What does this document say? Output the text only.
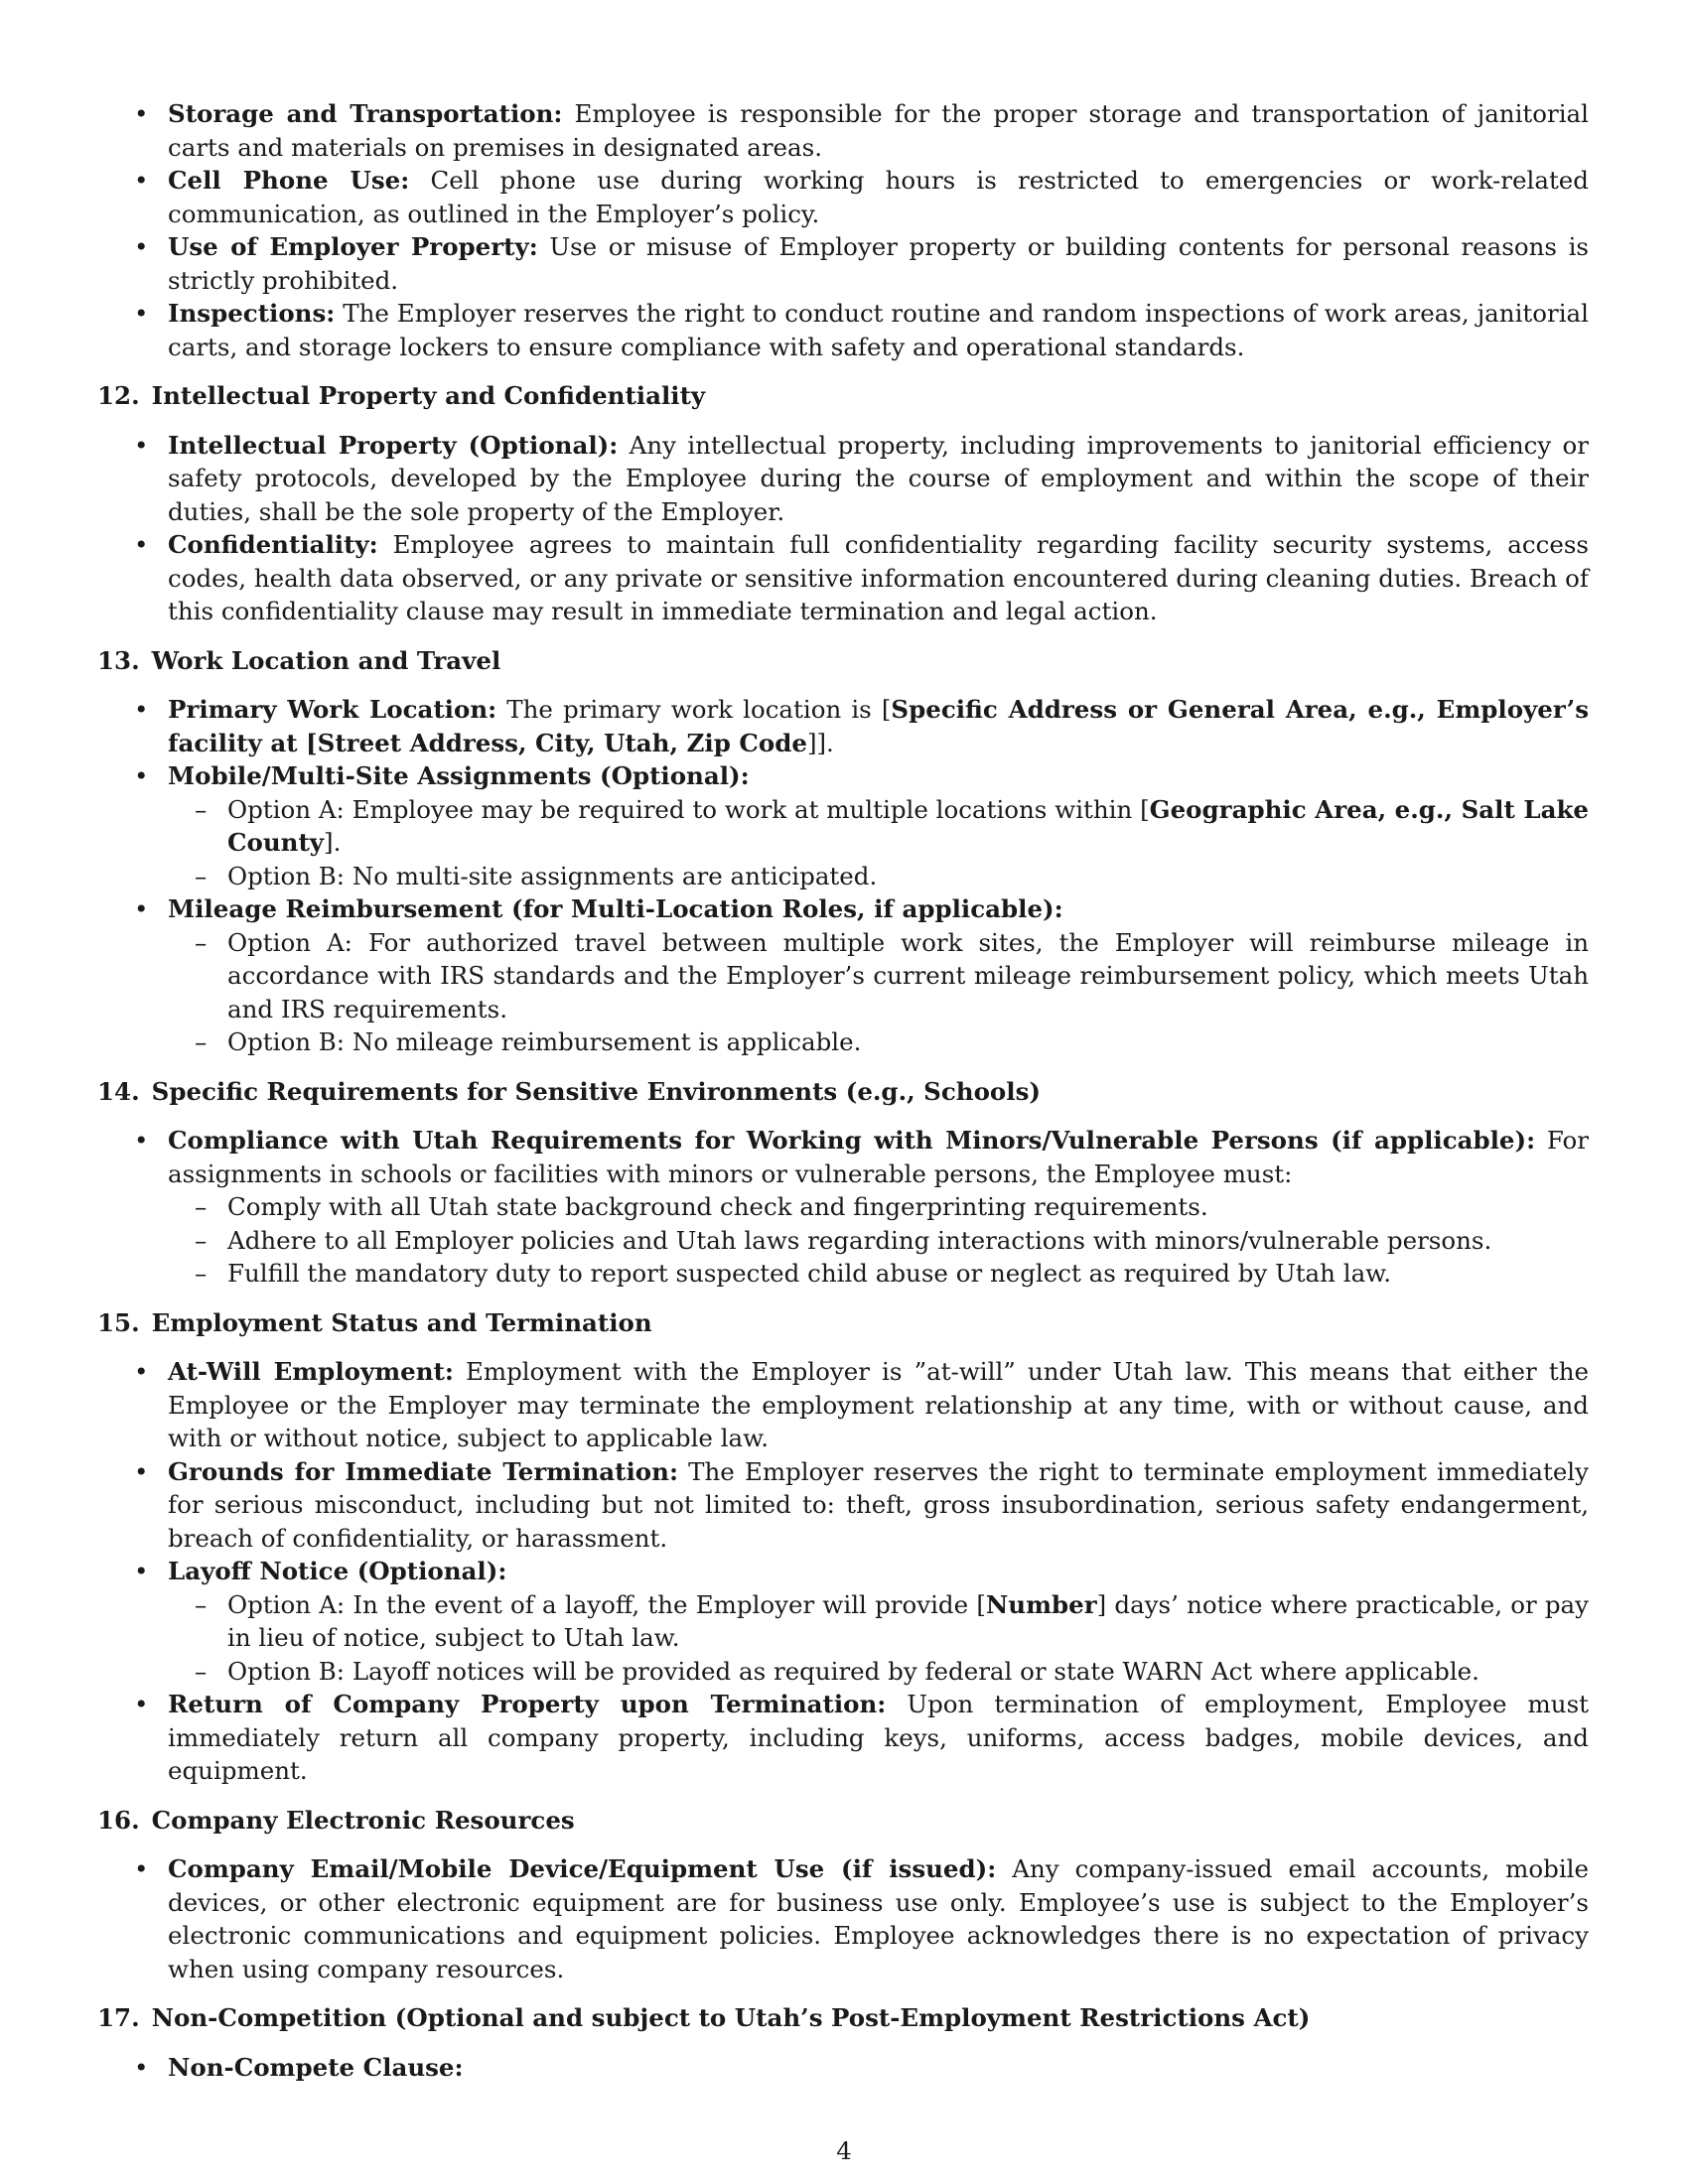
• Storage and Transportation: Employee is responsible for the proper storage and transportation of janitorial carts and materials on premises in designated areas.
• Cell Phone Use: Cell phone use during working hours is restricted to emergencies or work-related communication, as outlined in the Employer’s policy.
• Use of Employer Property: Use or misuse of Employer property or building contents for personal reasons is strictly prohibited.
• Inspections: The Employer reserves the right to conduct routine and random inspections of work areas, janitorial carts, and storage lockers to ensure compliance with safety and operational standards.
12. Intellectual Property and Confidentiality
• Intellectual Property (Optional): Any intellectual property, including improvements to janitorial efficiency or safety protocols, developed by the Employee during the course of employment and within the scope of their duties, shall be the sole property of the Employer.
• Confidentiality: Employee agrees to maintain full confidentiality regarding facility security systems, access codes, health data observed, or any private or sensitive information encountered during cleaning duties. Breach of this confidentiality clause may result in immediate termination and legal action.
13. Work Location and Travel
• Primary Work Location: The primary work location is [Specific Address or General Area, e.g., Employer’s facility at [Street Address, City, Utah, Zip Code]].
• Mobile/Multi-Site Assignments (Optional):
– Option A: Employee may be required to work at multiple locations within [Geographic Area, e.g., Salt Lake County].
– Option B: No multi-site assignments are anticipated.
• Mileage Reimbursement (for Multi-Location Roles, if applicable):
– Option A: For authorized travel between multiple work sites, the Employer will reimburse mileage in accordance with IRS standards and the Employer’s current mileage reimbursement policy, which meets Utah and IRS requirements.
– Option B: No mileage reimbursement is applicable.
14. Specific Requirements for Sensitive Environments (e.g., Schools)
• Compliance with Utah Requirements for Working with Minors/Vulnerable Persons (if applicable): For assignments in schools or facilities with minors or vulnerable persons, the Employee must:
– Comply with all Utah state background check and fingerprinting requirements.
– Adhere to all Employer policies and Utah laws regarding interactions with minors/vulnerable persons.
– Fulfill the mandatory duty to report suspected child abuse or neglect as required by Utah law.
15. Employment Status and Termination
• At-Will Employment: Employment with the Employer is ”at-will” under Utah law. This means that either the Employee or the Employer may terminate the employment relationship at any time, with or without cause, and with or without notice, subject to applicable law.
• Grounds for Immediate Termination: The Employer reserves the right to terminate employment immediately for serious misconduct, including but not limited to: theft, gross insubordination, serious safety endangerment, breach of confidentiality, or harassment.
• Layoff Notice (Optional):
– Option A: In the event of a layoff, the Employer will provide [Number] days’ notice where practicable, or pay in lieu of notice, subject to Utah law.
– Option B: Layoff notices will be provided as required by federal or state WARN Act where applicable.
• Return of Company Property upon Termination: Upon termination of employment, Employee must immediately return all company property, including keys, uniforms, access badges, mobile devices, and equipment.
16. Company Electronic Resources
• Company Email/Mobile Device/Equipment Use (if issued): Any company-issued email accounts, mobile devices, or other electronic equipment are for business use only. Employee’s use is subject to the Employer’s electronic communications and equipment policies. Employee acknowledges there is no expectation of privacy when using company resources.
17. Non-Competition (Optional and subject to Utah’s Post-Employment Restrictions Act)
• Non-Compete Clause:
4
